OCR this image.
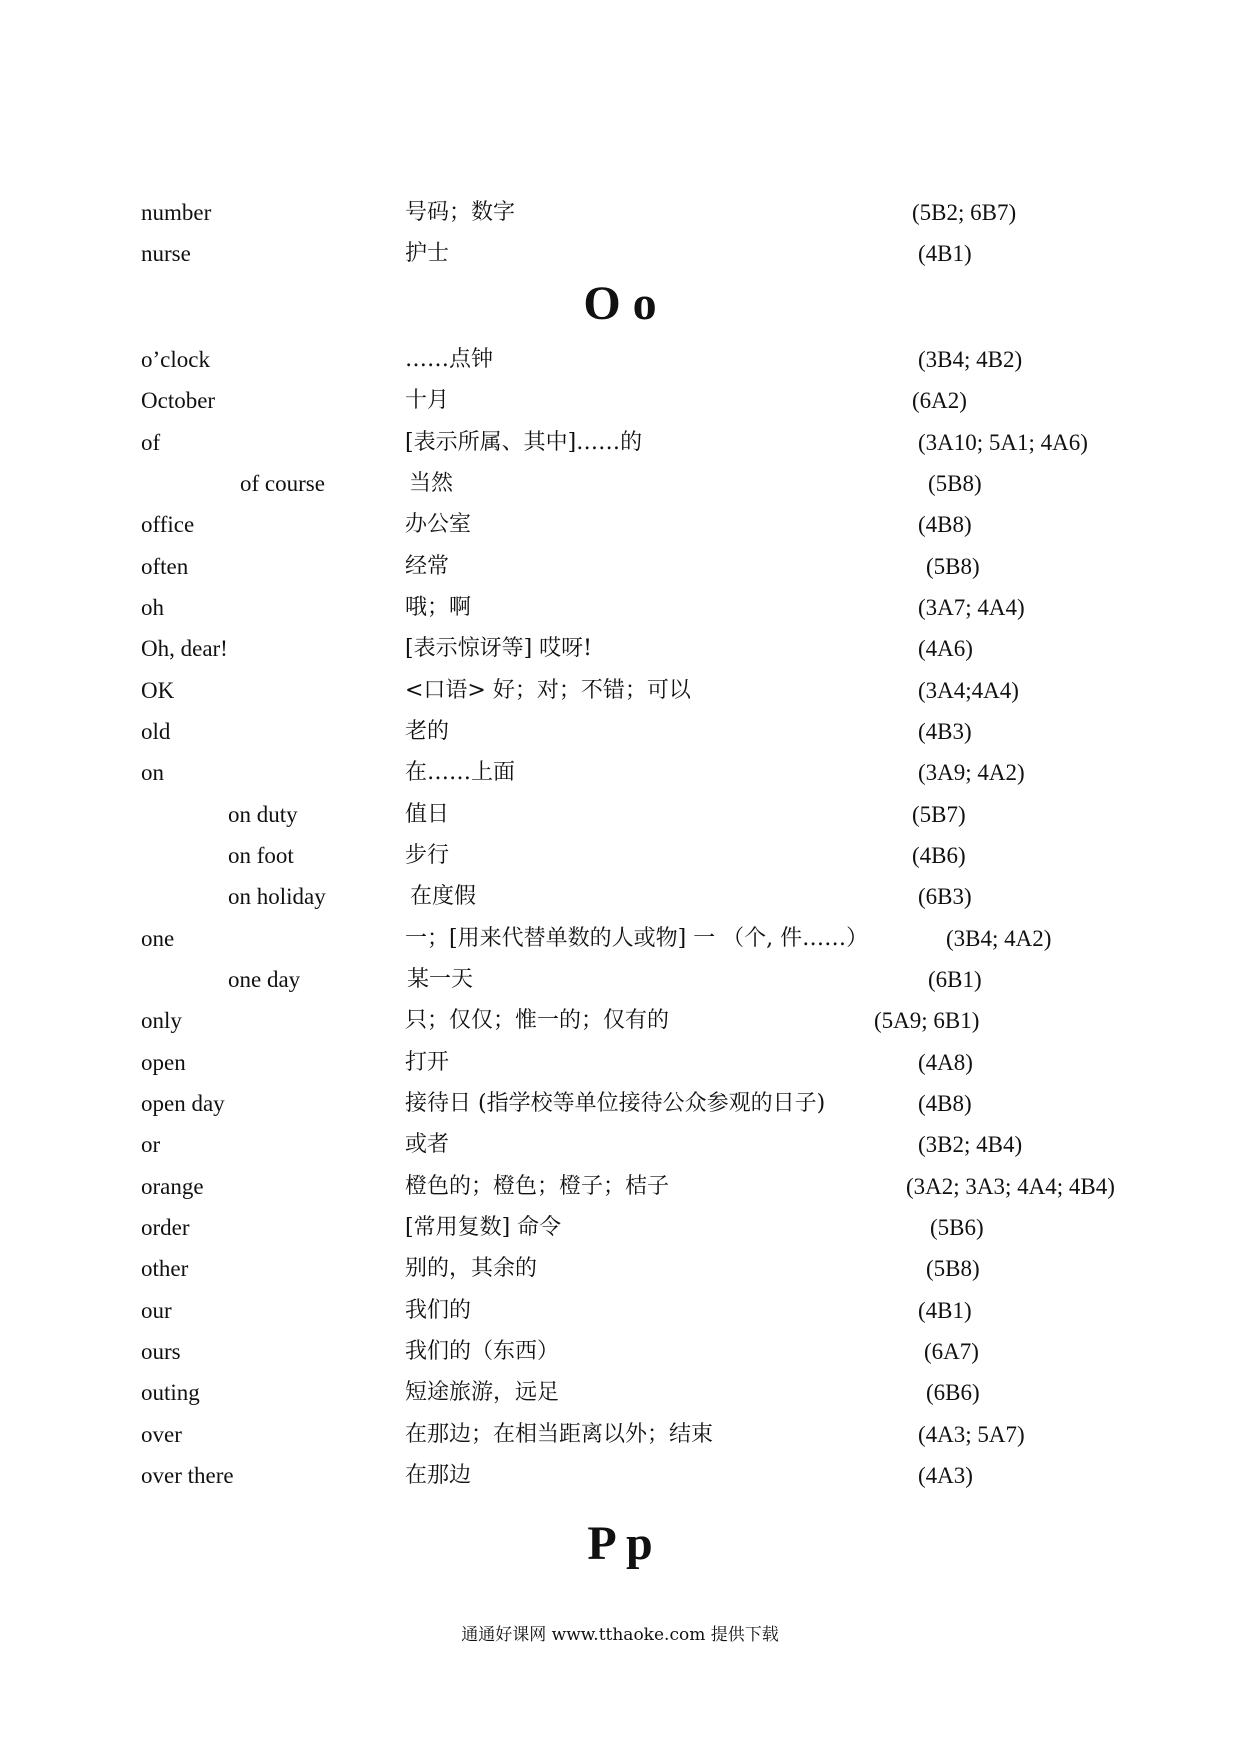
number	号码；数字	(5B2; 6B7)
nurse	护士	(4B1)
O o
o’clock	……点钟	(3B4; 4B2)
October	十月	(6A2)
of	[表示所属、其中]……的	(3A10; 5A1; 4A6)
of course	当然	(5B8)
office	办公室	(4B8)
often	经常	(5B8)
oh	哦；啊	(3A7; 4A4)
Oh, dear!	[表示惊讶等] 哎呀!	(4A6)
OK	<口语> 好；对；不错；可以	(3A4;4A4)
old	老的	(4B3)
on	在……上面	(3A9; 4A2)
on duty	值日	(5B7)
on foot	步行	(4B6)
on holiday	在度假	(6B3)
one	一；[用来代替单数的人或物] 一 （个, 件……）	(3B4; 4A2)
one day	某一天	(6B1)
only	只；仅仅；惟一的；仅有的	(5A9; 6B1)
open	打开	(4A8)
open day	接待日 (指学校等单位接待公众参观的日子)	(4B8)
or	或者	(3B2; 4B4)
orange	橙色的；橙色；橙子；桔子	(3A2; 3A3; 4A4; 4B4)
order	[常用复数] 命令	(5B6)
other	别的，其余的	(5B8)
our	我们的	(4B1)
ours	我们的（东西）	(6A7)
outing	短途旅游，远足	(6B6)
over	在那边；在相当距离以外；结束	(4A3; 5A7)
over there	在那边	(4A3)
P p
通通好课网 www.tthaoke.com 提供下载
